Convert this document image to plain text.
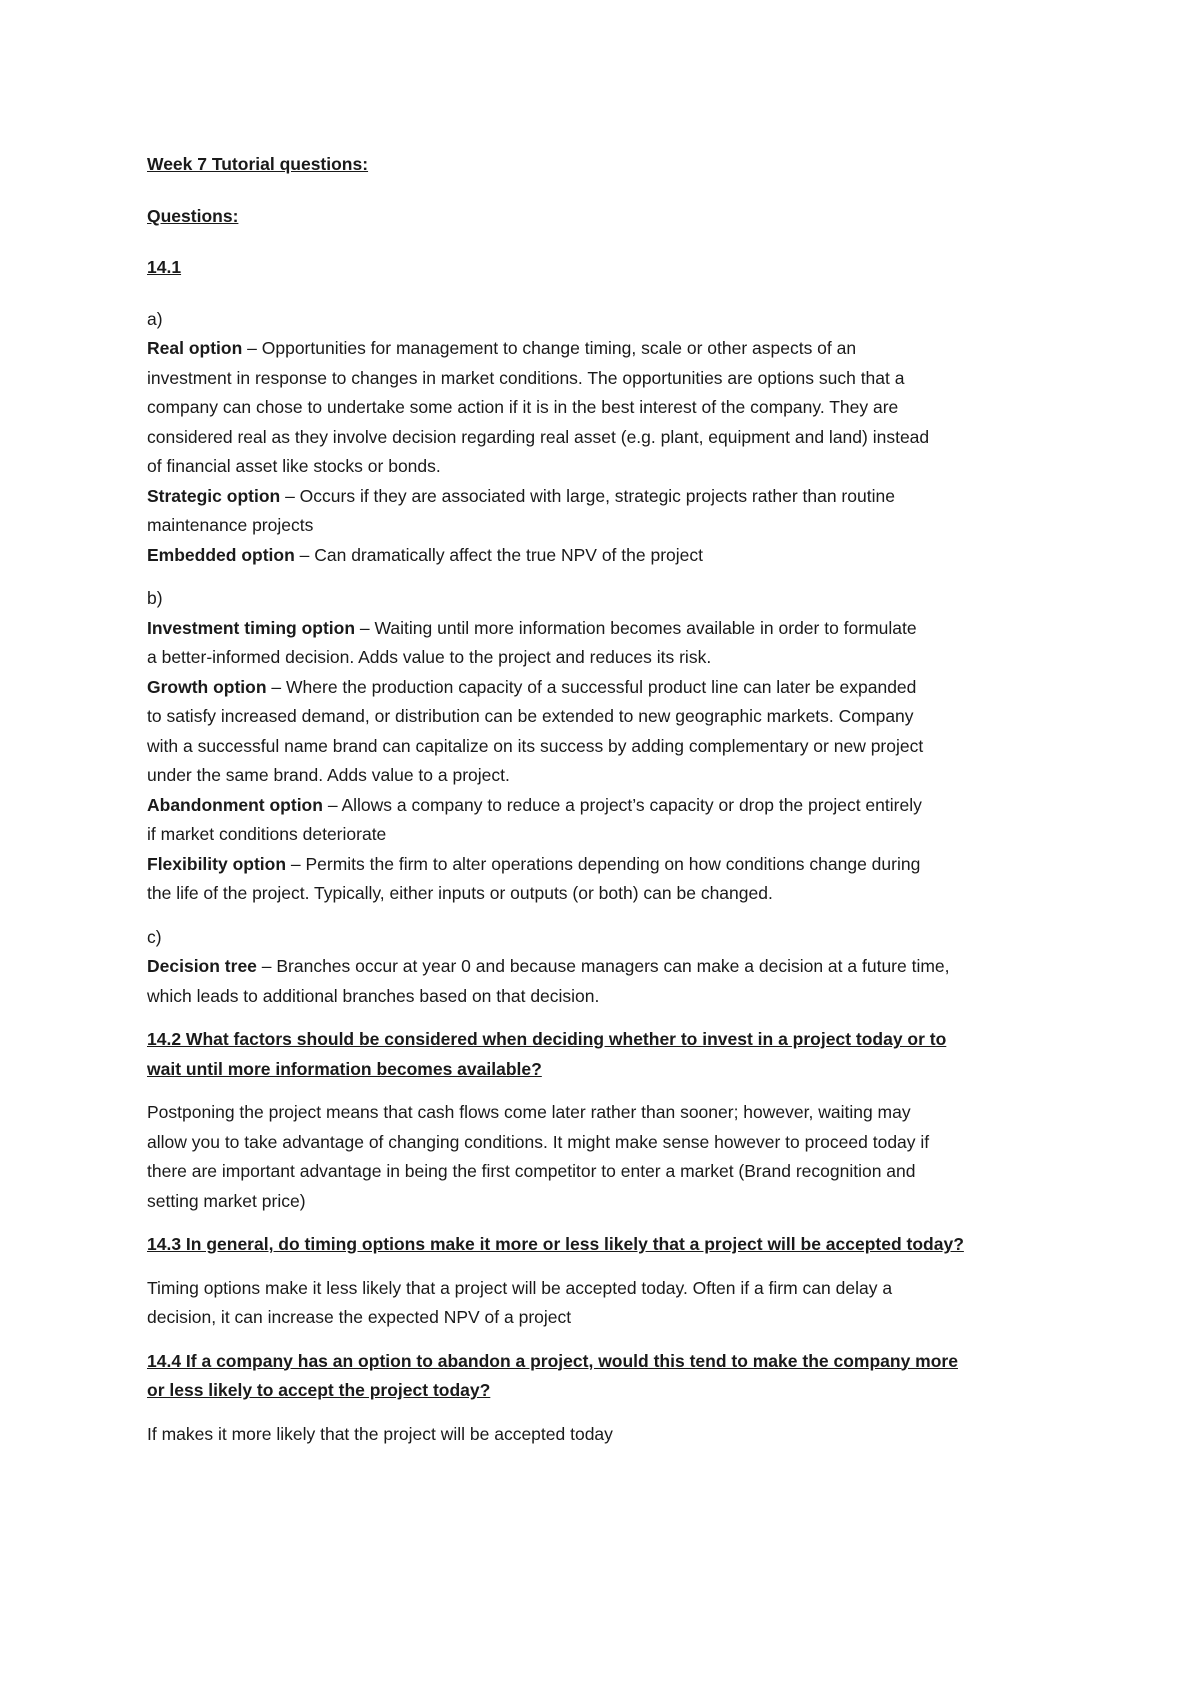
Week 7 Tutorial questions:
Questions:
14.1
a)
Real option – Opportunities for management to change timing, scale or other aspects of an
investment in response to changes in market conditions. The opportunities are options such that a
company can chose to undertake some action if it is in the best interest of the company. They are
considered real as they involve decision regarding real asset (e.g. plant, equipment and land) instead
of financial asset like stocks or bonds.
Strategic option – Occurs if they are associated with large, strategic projects rather than routine
maintenance projects
Embedded option – Can dramatically affect the true NPV of the project
b)
Investment timing option – Waiting until more information becomes available in order to formulate
a better-informed decision. Adds value to the project and reduces its risk.
Growth option – Where the production capacity of a successful product line can later be expanded
to satisfy increased demand, or distribution can be extended to new geographic markets. Company
with a successful name brand can capitalize on its success by adding complementary or new project
under the same brand. Adds value to a project.
Abandonment option – Allows a company to reduce a project’s capacity or drop the project entirely
if market conditions deteriorate
Flexibility option – Permits the firm to alter operations depending on how conditions change during
the life of the project. Typically, either inputs or outputs (or both) can be changed.
c)
Decision tree – Branches occur at year 0 and because managers can make a decision at a future time,
which leads to additional branches based on that decision.
14.2 What factors should be considered when deciding whether to invest in a project today or to
wait until more information becomes available?
Postponing the project means that cash flows come later rather than sooner; however, waiting may
allow you to take advantage of changing conditions. It might make sense however to proceed today if
there are important advantage in being the first competitor to enter a market (Brand recognition and
setting market price)
14.3 In general, do timing options make it more or less likely that a project will be accepted today?
Timing options make it less likely that a project will be accepted today. Often if a firm can delay a
decision, it can increase the expected NPV of a project
14.4 If a company has an option to abandon a project, would this tend to make the company more
or less likely to accept the project today?
If makes it more likely that the project will be accepted today
